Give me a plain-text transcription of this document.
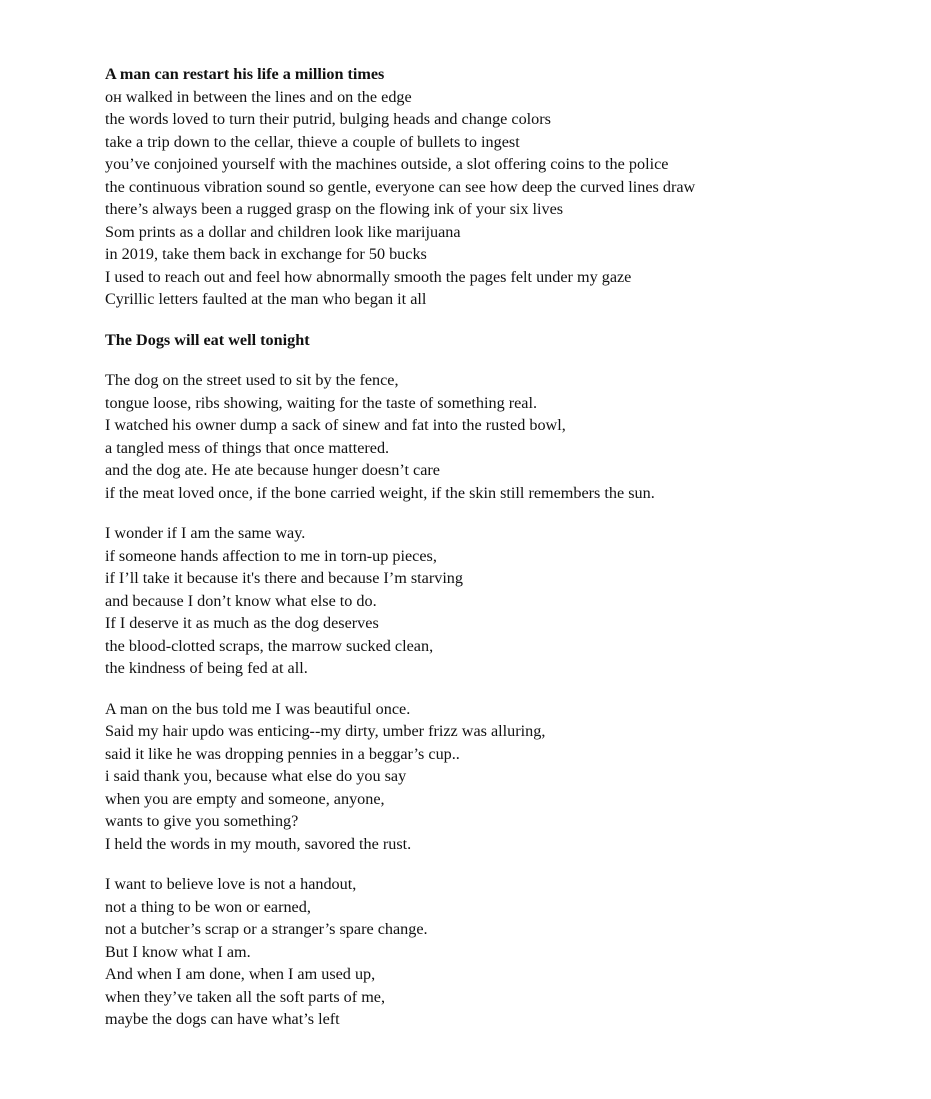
A man can restart his life a million times
он walked in between the lines and on the edge
the words loved to turn their putrid, bulging heads and change colors
take a trip down to the cellar, thieve a couple of bullets to ingest
you’ve conjoined yourself with the machines outside, a slot offering coins to the police
the continuous vibration sound so gentle, everyone can see how deep the curved lines draw
there’s always been a rugged grasp on the flowing ink of your six lives
Som prints as a dollar and children look like marijuana
in 2019, take them back in exchange for 50 bucks
I used to reach out and feel how abnormally smooth the pages felt under my gaze
Cyrillic letters faulted at the man who began it all
The Dogs will eat well tonight
The dog on the street used to sit by the fence,
tongue loose, ribs showing, waiting for the taste of something real.
I watched his owner dump a sack of sinew and fat into the rusted bowl,
a tangled mess of things that once mattered.
and the dog ate. He ate because hunger doesn’t care
if the meat loved once, if the bone carried weight, if the skin still remembers the sun.
I wonder if I am the same way.
if someone hands affection to me in torn-up pieces,
if I’ll take it because it's there and because I’m starving
and because I don’t know what else to do.
If I deserve it as much as the dog deserves
the blood-clotted scraps, the marrow sucked clean,
the kindness of being fed at all.
A man on the bus told me I was beautiful once.
Said my hair updo was enticing--my dirty, umber frizz was alluring,
said it like he was dropping pennies in a beggar’s cup..
i said thank you, because what else do you say
when you are empty and someone, anyone,
wants to give you something?
I held the words in my mouth, savored the rust.
I want to believe love is not a handout,
not a thing to be won or earned,
not a butcher’s scrap or a stranger’s spare change.
But I know what I am.
And when I am done, when I am used up,
when they’ve taken all the soft parts of me,
maybe the dogs can have what’s left
